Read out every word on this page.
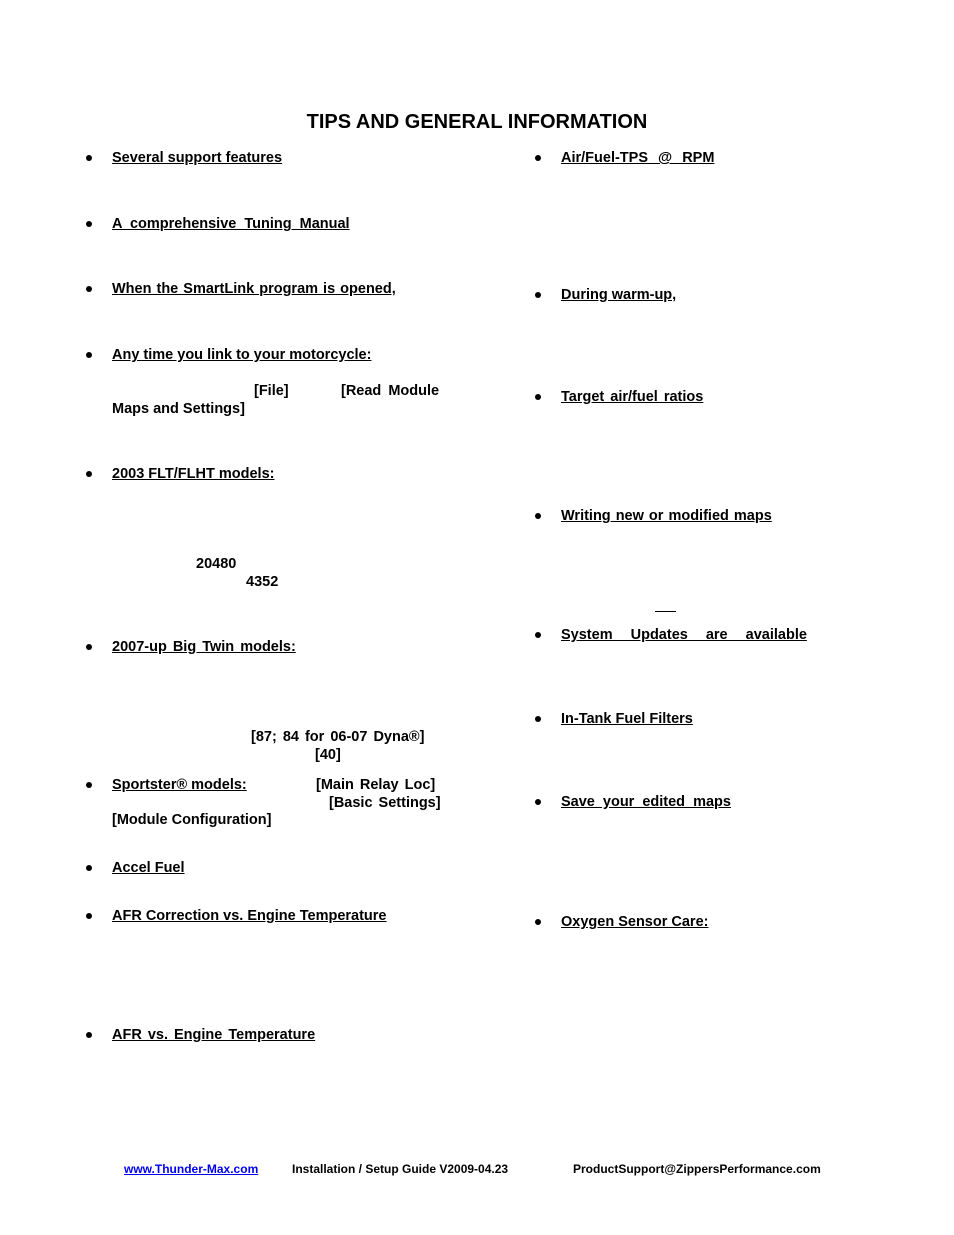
TIPS AND GENERAL INFORMATION
Several support features
A comprehensive Tuning Manual
When the SmartLink program is opened,
Any time you link to your motorcycle:
[File]	[Read Module
Maps and Settings]
2003 FLT/FLHT models:
20480
4352
2007-up Big Twin models:
[87; 84 for 06-07 Dyna®]
[40]
Sportster® models:	[Main Relay Loc]
[Basic Settings]
[Module Configuration]
Accel Fuel
AFR Correction vs. Engine Temperature
AFR vs. Engine Temperature
Air/Fuel-TPS @ RPM
During warm-up,
Target air/fuel ratios
Writing new or modified maps
System Updates are available
In-Tank Fuel Filters
Save your edited maps
Oxygen Sensor Care:
www.Thunder-Max.com	Installation / Setup Guide V2009-04.23	ProductSupport@ZippersPerformance.com
